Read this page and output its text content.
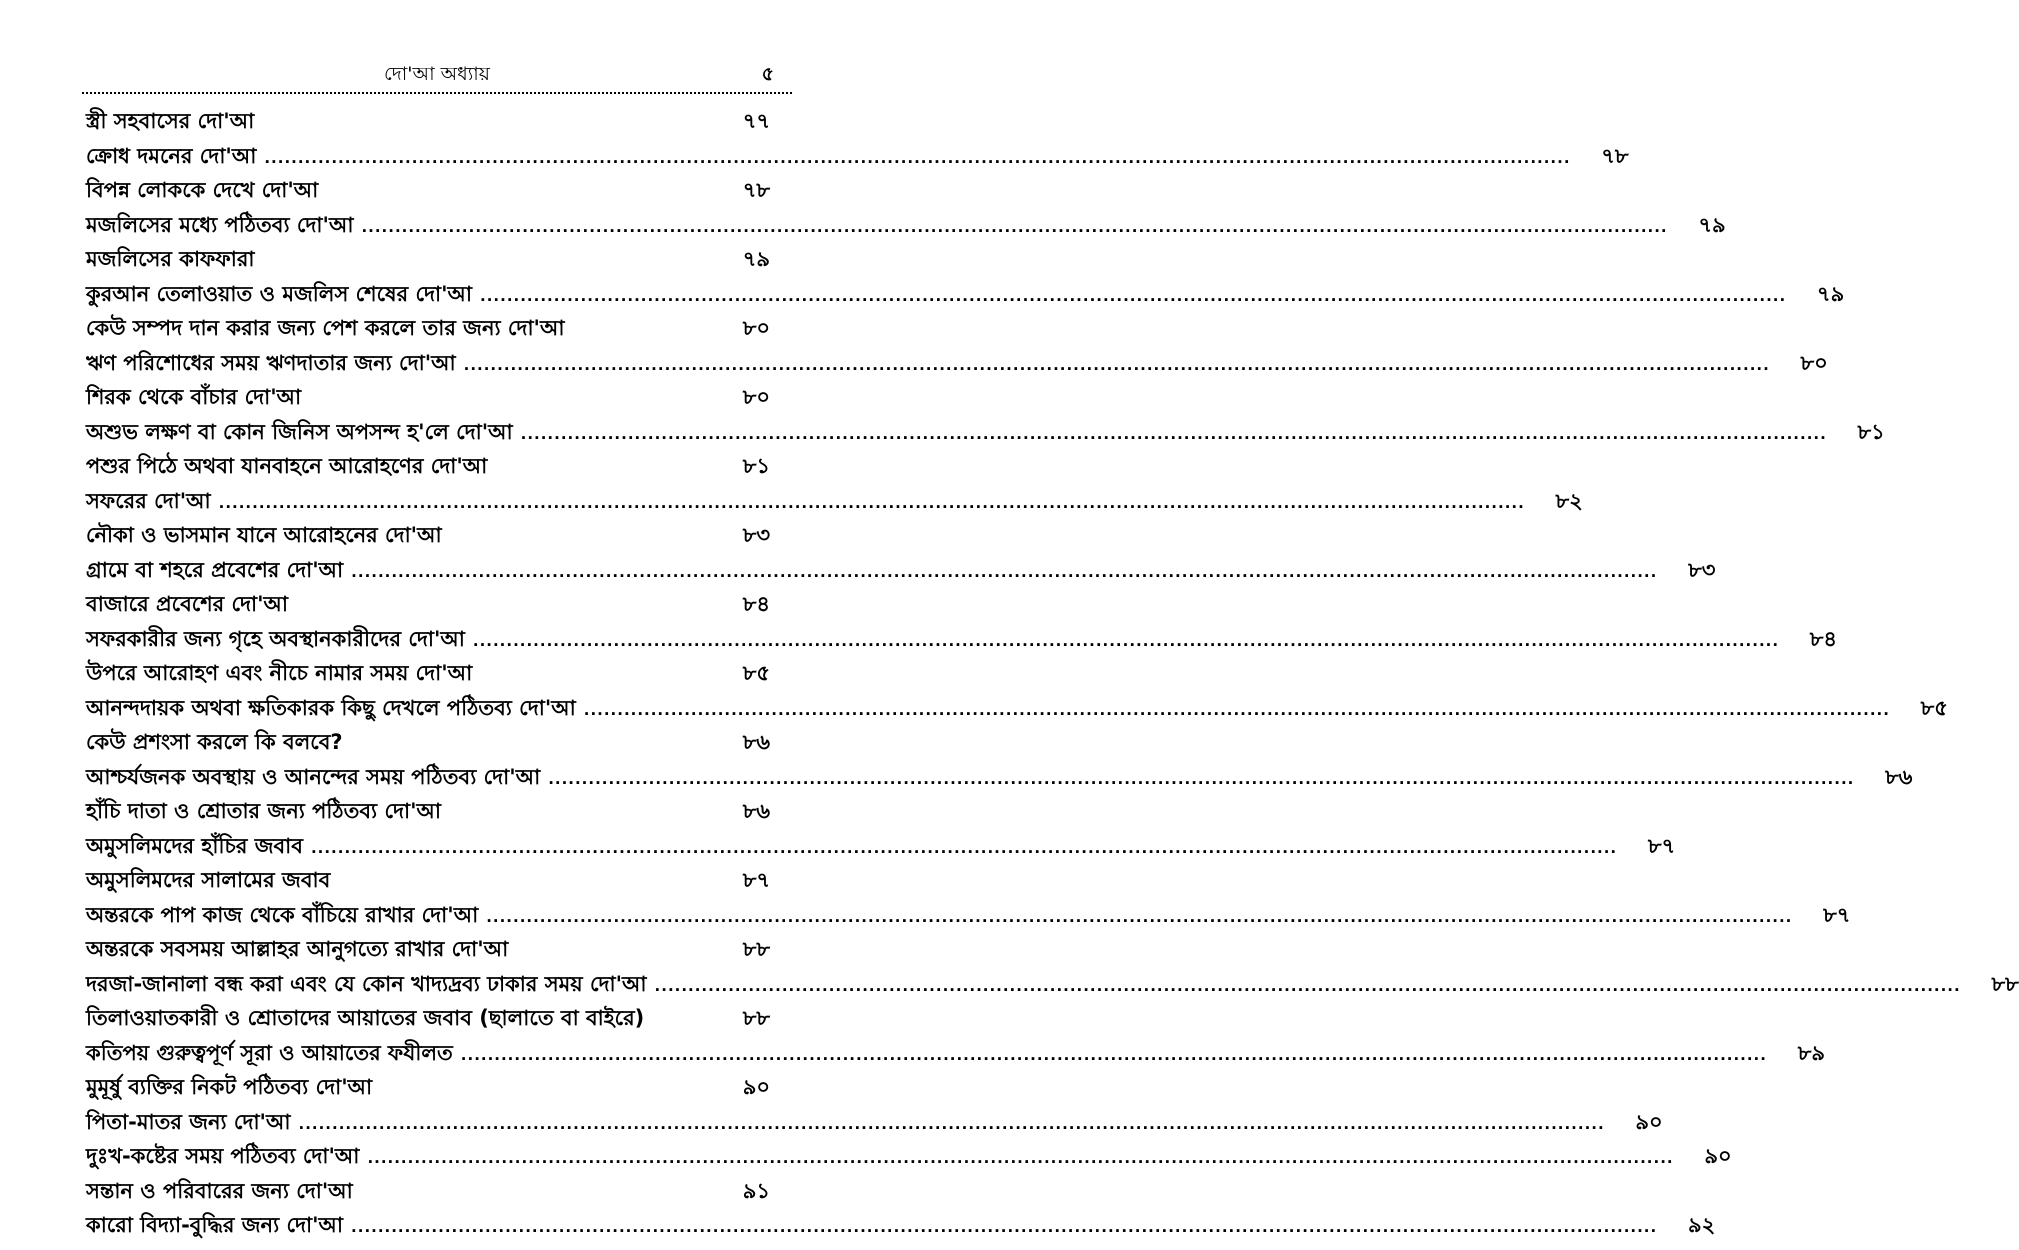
দো'আ অধ্যায়	৫
স্ত্রী সহবাসের দো'আ	৭৭
ক্রোধ দমনের দো'আ .....	৭৮
বিপন্ন লোককে দেখে দো'আ	৭৮
মজলিসের মধ্যে পঠিতব্য দো'আ .....	৭৯
মজলিসের কাফফারা	৭৯
কুরআন তেলাওয়াত ও মজলিস শেষের দো'আ .....	৭৯
কেউ সম্পদ দান করার জন্য পেশ করলে তার জন্য দো'আ	৮০
ঋণ পরিশোধের সময় ঋণদাতার জন্য দো'আ .....	৮০
শিরক থেকে বাঁচার দো'আ	৮০
অশুভ লক্ষণ বা কোন জিনিস অপসন্দ হ'লে দো'আ .....	৮১
পশুর পিঠে অথবা যানবাহনে আরোহণের দো'আ	৮১
সফরের দো'আ .....	৮২
নৌকা ও ভাসমান যানে আরোহনের দো'আ	৮৩
গ্রামে বা শহরে প্রবেশের দো'আ .....	৮৩
বাজারে প্রবেশের দো'আ	৮৪
সফরকারীর জন্য গৃহে অবস্থানকারীদের দো'আ .....	৮৪
উপরে আরোহণ এবং নীচে নামার সময় দো'আ	৮৫
আনন্দদায়ক অথবা ক্ষতিকারক কিছু দেখলে পঠিতব্য দো'আ .....	৮৫
কেউ প্রশংসা করলে কি বলবে?	৮৬
আশ্চর্যজনক অবস্থায় ও আনন্দের সময় পঠিতব্য দো'আ .....	৮৬
হাঁচি দাতা ও শ্রোতার জন্য পঠিতব্য দো'আ	৮৬
অমুসলিমদের হাঁচির জবাব .....	৮৭
অমুসলিমদের সালামের জবাব	৮৭
অন্তরকে পাপ কাজ থেকে বাঁচিয়ে রাখার দো'আ .....	৮৭
অন্তরকে সবসময় আল্লাহর আনুগত্যে রাখার দো'আ	৮৮
দরজা-জানালা বন্ধ করা এবং যে কোন খাদ্যদ্রব্য ঢাকার সময় দো'আ .....	৮৮
তিলাওয়াতকারী ও শ্রোতাদের আয়াতের জবাব (ছালাতে বা বাইরে)	৮৮
কতিপয় গুরুত্বপূর্ণ সূরা ও আয়াতের ফযীলত .....	৮৯
মুমূর্ষু ব্যক্তির নিকট পঠিতব্য দো'আ	৯০
পিতা-মাতর জন্য দো'আ .....	৯০
দুঃখ-কষ্টের সময় পঠিতব্য দো'আ .....	৯০
সন্তান ও পরিবারের জন্য দো'আ	৯১
কারো বিদ্যা-বুদ্ধির জন্য দো'আ .....	৯২
